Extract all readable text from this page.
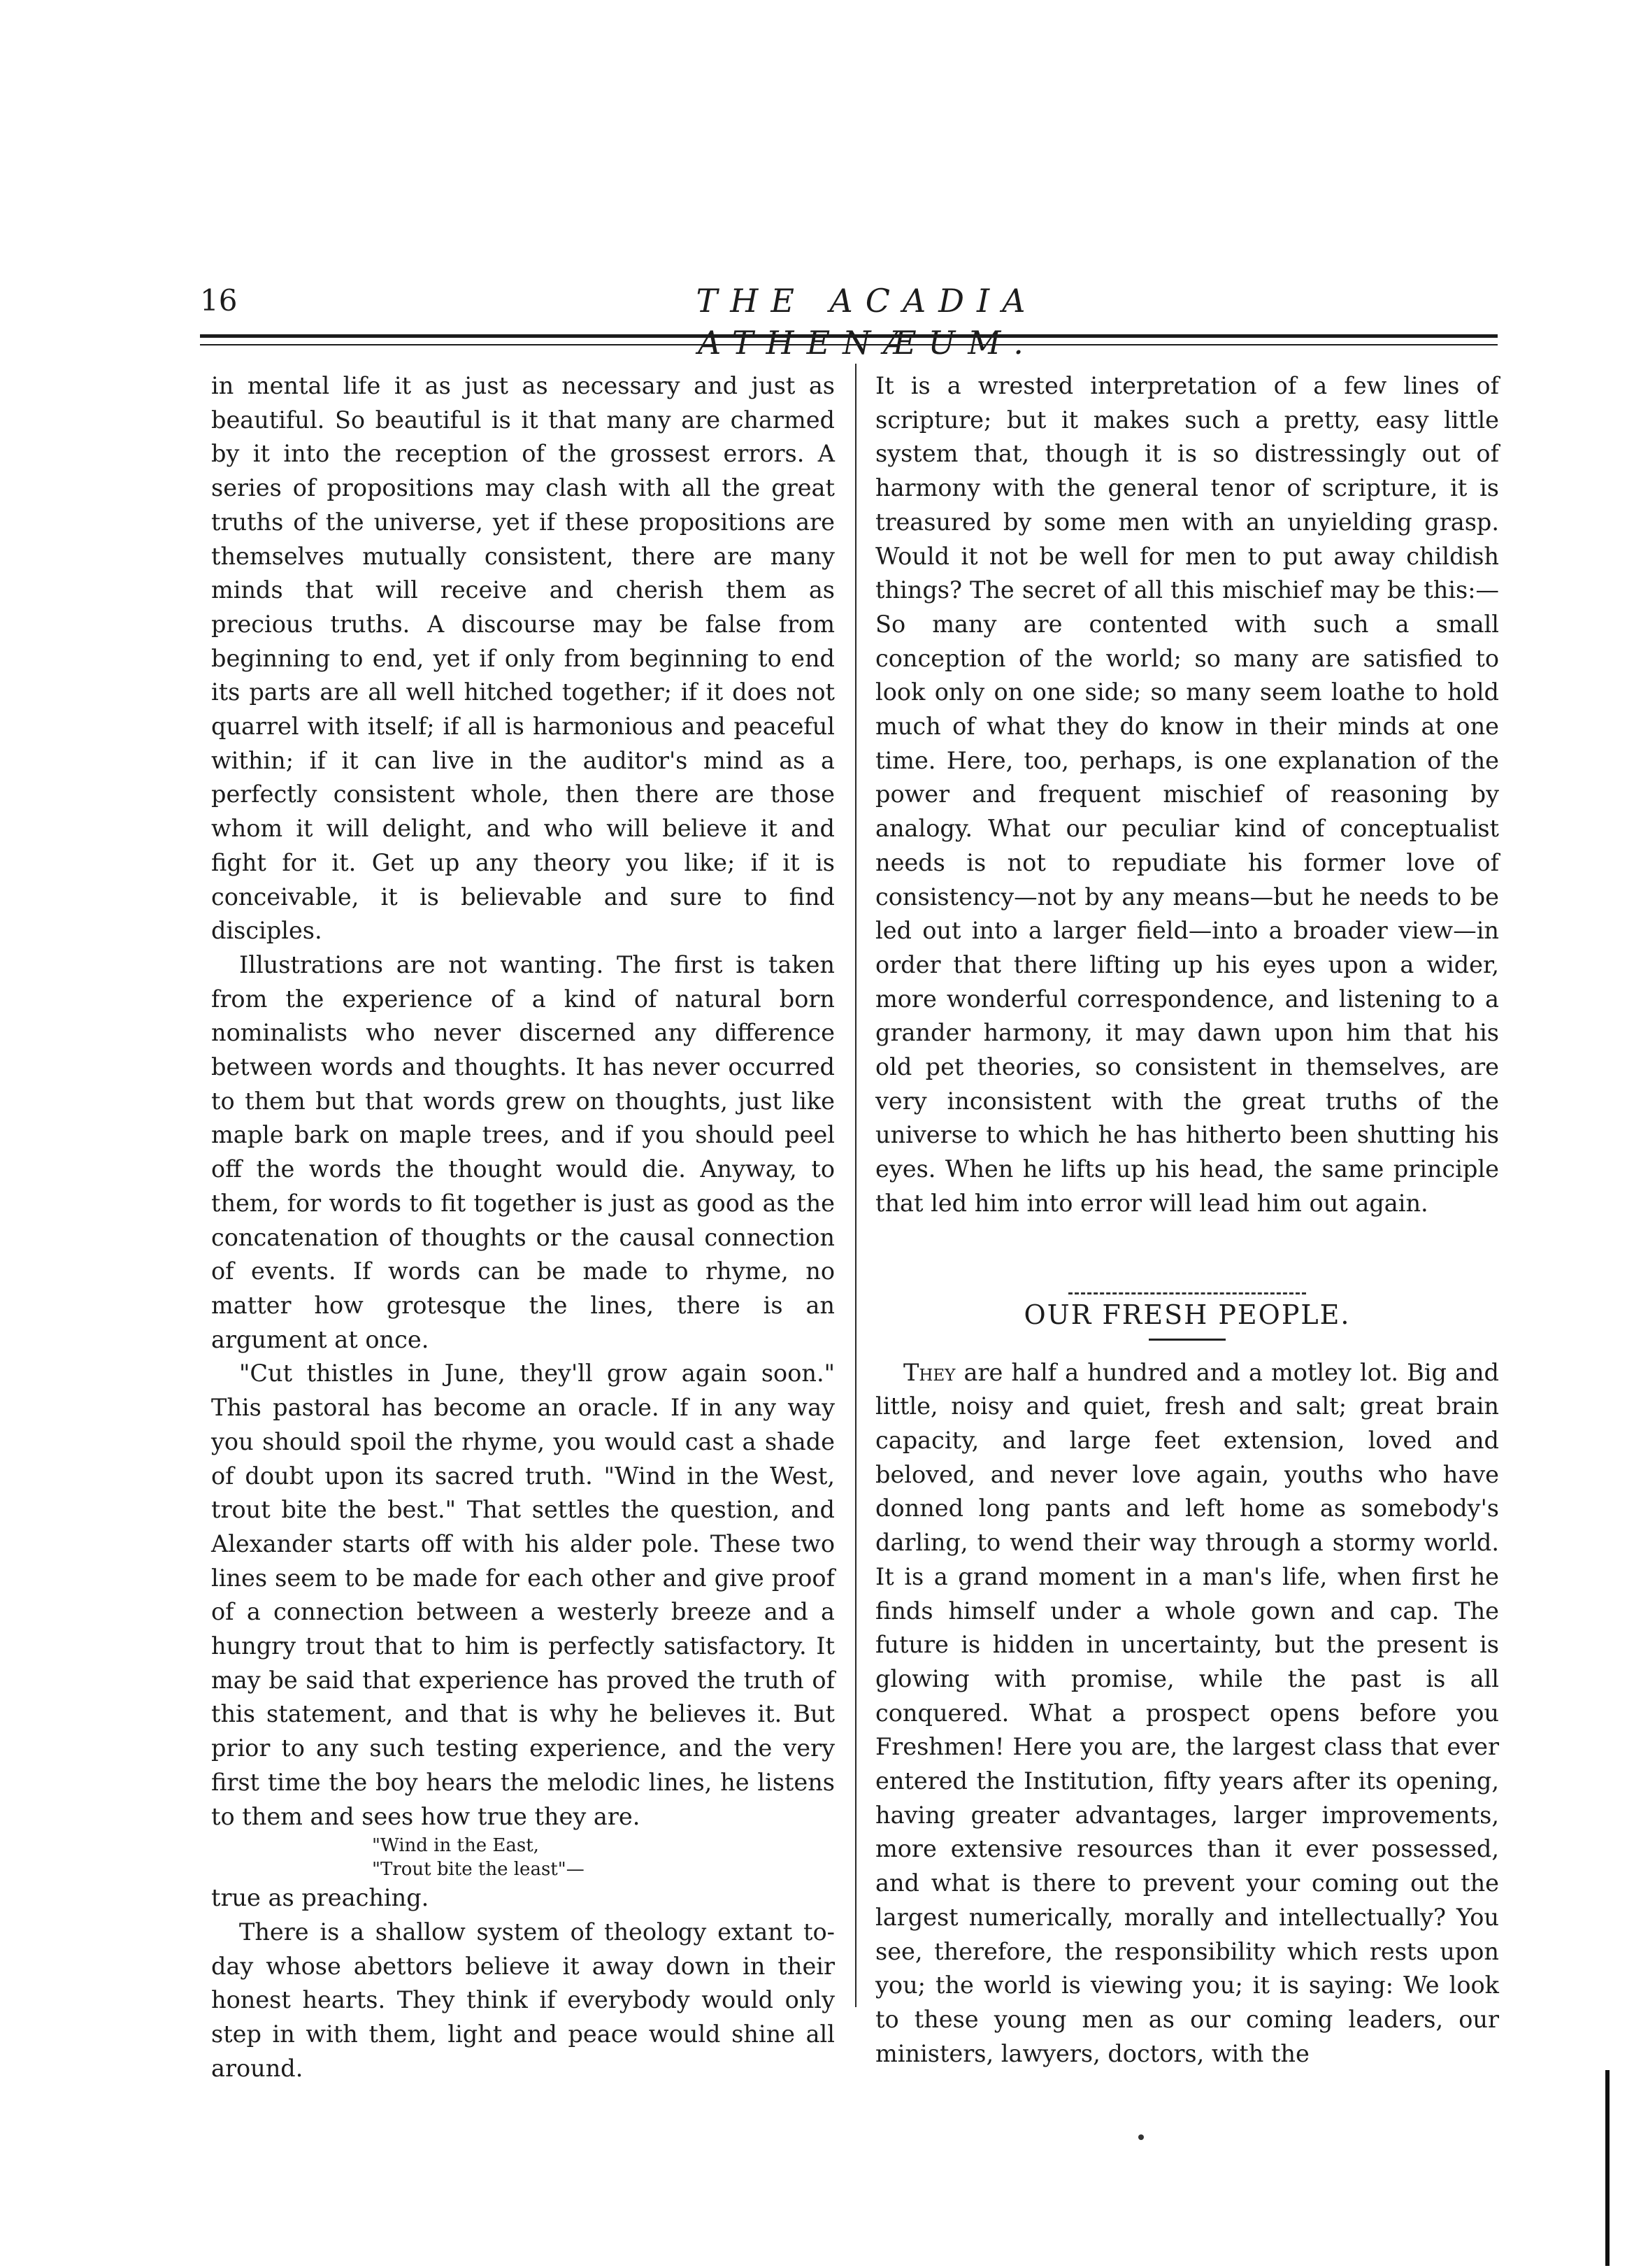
16	THE ACADIA ATHENÆUM.

in mental life it as just as necessary and just as beautiful. So beautiful is it that many are charmed by it into the reception of the grossest errors. A series of propositions may clash with all the great truths of the universe, yet if these propositions are themselves mutually consistent, there are many minds that will receive and cherish them as precious truths. A discourse may be false from beginning to end, yet if only from beginning to end its parts are all well hitched together; if it does not quarrel with itself; if all is harmonious and peaceful within; if it can live in the auditor's mind as a perfectly consistent whole, then there are those whom it will delight, and who will believe it and fight for it. Get up any theory you like; if it is conceivable, it is believable and sure to find disciples.

Illustrations are not wanting. The first is taken from the experience of a kind of natural born nominalists who never discerned any difference between words and thoughts. It has never occurred to them but that words grew on thoughts, just like maple bark on maple trees, and if you should peel off the words the thought would die. Anyway, to them, for words to fit together is just as good as the concatenation of thoughts or the causal connection of events. If words can be made to rhyme, no matter how grotesque the lines, there is an argument at once.

"Cut thistles in June, they'll grow again soon." This pastoral has become an oracle. If in any way you should spoil the rhyme, you would cast a shade of doubt upon its sacred truth. "Wind in the West, trout bite the best." That settles the question, and Alexander starts off with his alder pole. These two lines seem to be made for each other and give proof of a connection between a westerly breeze and a hungry trout that to him is perfectly satisfactory. It may be said that experience has proved the truth of this statement, and that is why he believes it. But prior to any such testing experience, and the very first time the boy hears the melodic lines, he listens to them and sees how true they are.

"Wind in the East,

"Trout bite the least"—

true as preaching.

There is a shallow system of theology extant to-day whose abettors believe it away down in their honest hearts. They think if everybody would only step in with them, light and peace would shine all around.

It is a wrested interpretation of a few lines of scripture; but it makes such a pretty, easy little system that, though it is so distressingly out of harmony with the general tenor of scripture, it is treasured by some men with an unyielding grasp. Would it not be well for men to put away childish things? The secret of all this mischief may be this:—So many are contented with such a small conception of the world; so many are satisfied to look only on one side; so many seem loathe to hold much of what they do know in their minds at one time. Here, too, perhaps, is one explanation of the power and frequent mischief of reasoning by analogy. What our peculiar kind of conceptualist needs is not to repudiate his former love of consistency—not by any means—but he needs to be led out into a larger field—into a broader view—in order that there lifting up his eyes upon a wider, more wonderful correspondence, and listening to a grander harmony, it may dawn upon him that his old pet theories, so consistent in themselves, are very inconsistent with the great truths of the universe to which he has hitherto been shutting his eyes. When he lifts up his head, the same principle that led him into error will lead him out again.

OUR FRESH PEOPLE.

They are half a hundred and a motley lot. Big and little, noisy and quiet, fresh and salt; great brain capacity, and large feet extension, loved and beloved, and never love again, youths who have donned long pants and left home as somebody's darling, to wend their way through a stormy world. It is a grand moment in a man's life, when first he finds himself under a whole gown and cap. The future is hidden in uncertainty, but the present is glowing with promise, while the past is all conquered. What a prospect opens before you Freshmen! Here you are, the largest class that ever entered the Institution, fifty years after its opening, having greater advantages, larger improvements, more extensive resources than it ever possessed, and what is there to prevent your coming out the largest numerically, morally and intellectually? You see, therefore, the responsibility which rests upon you; the world is viewing you; it is saying: We look to these young men as our coming leaders, our ministers, lawyers, doctors, with the
